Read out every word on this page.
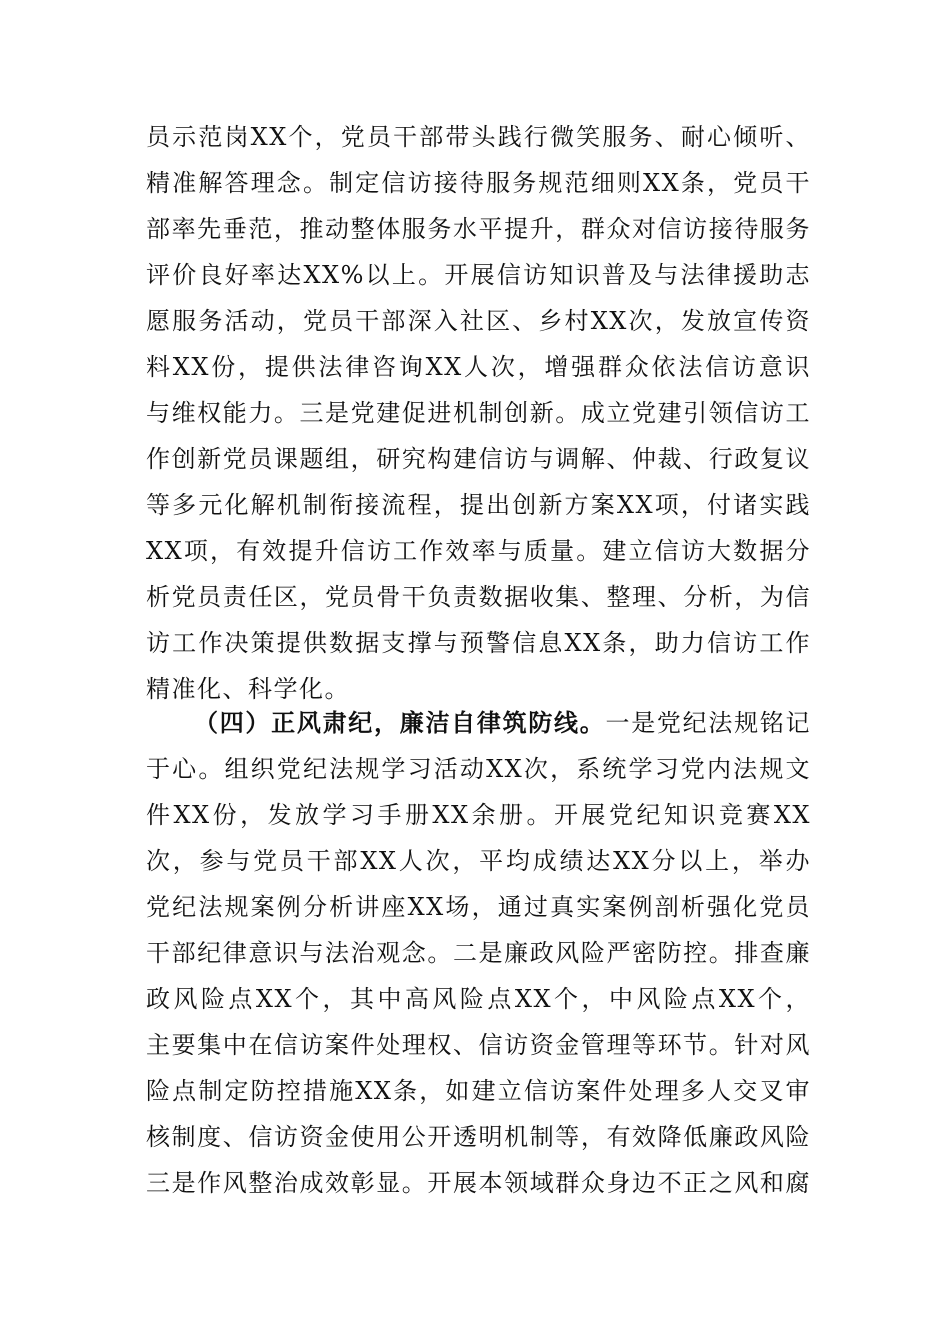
员示范岗XX个，党员干部带头践行微笑服务、耐心倾听、
精准解答理念。制定信访接待服务规范细则XX条，党员干
部率先垂范，推动整体服务水平提升，群众对信访接待服务
评价良好率达XX%以上。开展信访知识普及与法律援助志
愿服务活动，党员干部深入社区、乡村XX次，发放宣传资
料XX份，提供法律咨询XX人次，增强群众依法信访意识
与维权能力。三是党建促进机制创新。成立党建引领信访工
作创新党员课题组，研究构建信访与调解、仲裁、行政复议
等多元化解机制衔接流程，提出创新方案XX项，付诸实践
XX项，有效提升信访工作效率与质量。建立信访大数据分
析党员责任区，党员骨干负责数据收集、整理、分析，为信
访工作决策提供数据支撑与预警信息XX条，助力信访工作
精准化、科学化。
（四）正风肃纪，廉洁自律筑防线。一是党纪法规铭记
于心。组织党纪法规学习活动XX次，系统学习党内法规文
件XX份，发放学习手册XX余册。开展党纪知识竞赛XX
次，参与党员干部XX人次，平均成绩达XX分以上，举办
党纪法规案例分析讲座XX场，通过真实案例剖析强化党员
干部纪律意识与法治观念。二是廉政风险严密防控。排查廉
政风险点XX个，其中高风险点XX个，中风险点XX个，
主要集中在信访案件处理权、信访资金管理等环节。针对风
险点制定防控措施XX条，如建立信访案件处理多人交叉审
核制度、信访资金使用公开透明机制等，有效降低廉政风险
三是作风整治成效彰显。开展本领域群众身边不正之风和腐
